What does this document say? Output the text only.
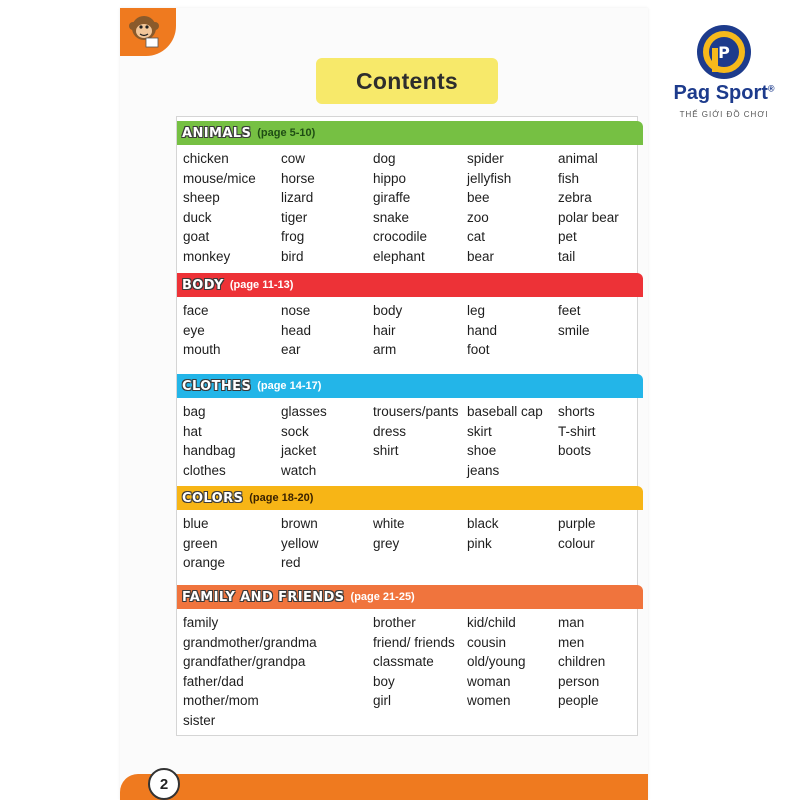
Contents
ANIMALS (page 5-10)
chicken
mouse/mice
sheep
duck
goat
monkey
cow
horse
lizard
tiger
frog
bird
dog
hippo
giraffe
snake
crocodile
elephant
spider
jellyfish
bee
zoo
cat
bear
animal
fish
zebra
polar bear
pet
tail
BODY (page 11-13)
face
eye
mouth
nose
head
ear
body
hair
arm
leg
hand
foot
feet
smile
CLOTHES (page 14-17)
bag
hat
handbag
clothes
glasses
sock
jacket
watch
trousers/pants
dress
shirt
baseball cap
skirt
shoe
jeans
shorts
T-shirt
boots
COLORS (page 18-20)
blue
green
orange
brown
yellow
red
white
grey
black
pink
purple
colour
FAMILY AND FRIENDS (page 21-25)
family
grandmother/grandma
grandfather/grandpa
father/dad
mother/mom
sister
brother
friend/ friends
classmate
boy
girl
kid/child
cousin
old/young
woman
women
man
men
children
person
people
2
P
Pag Sport®
THẾ GIỚI ĐỒ CHƠI
